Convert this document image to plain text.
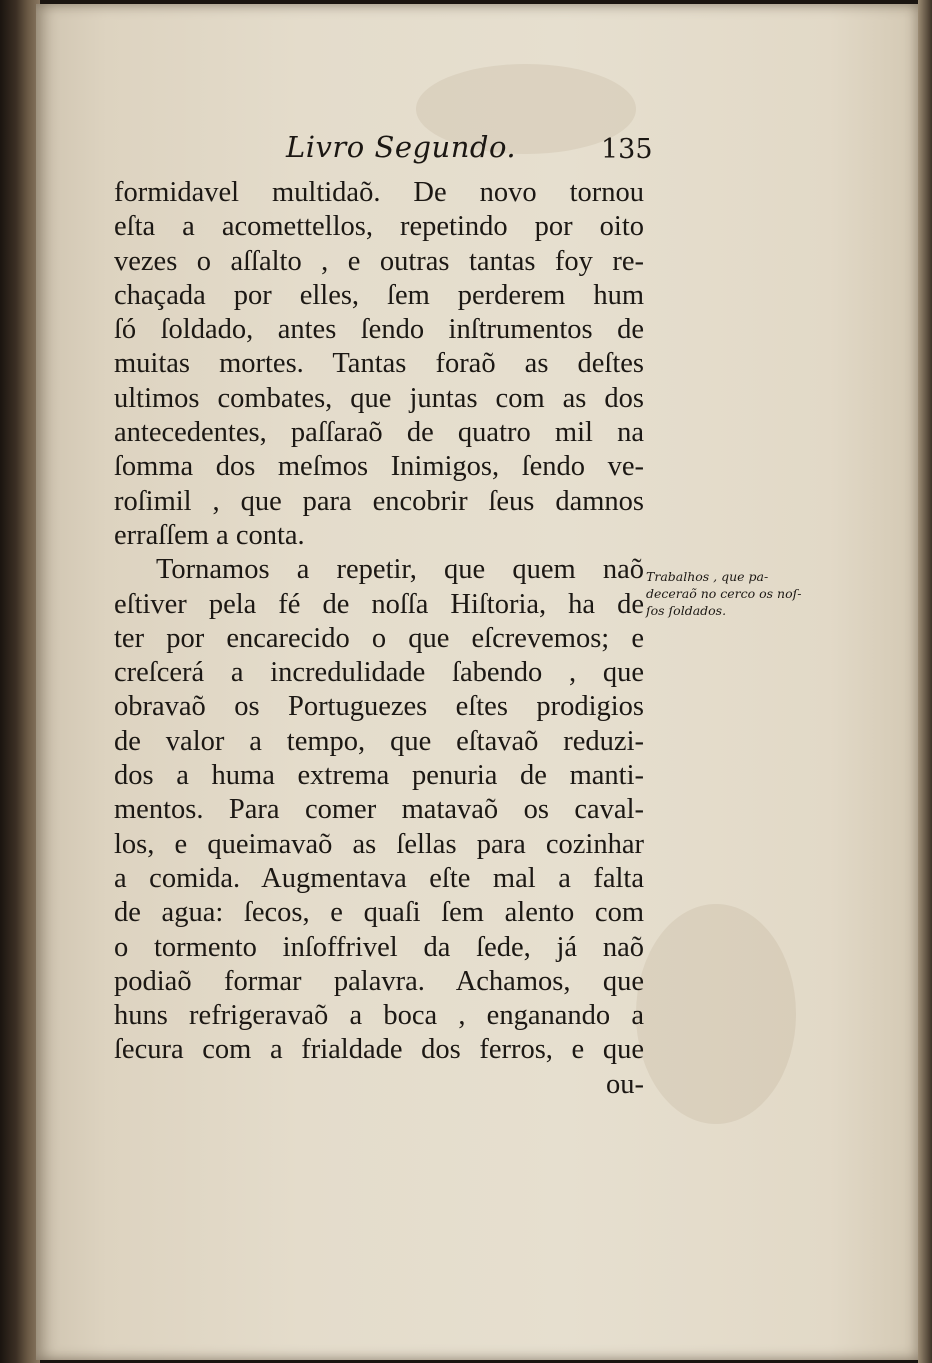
Livro Segundo.	135
formidavel multidaõ. De novo tornou
eſta a acomettellos, repetindo por oito
vezes o aſſalto , e outras tantas foy re-
chaçada por elles, ſem perderem hum
ſó ſoldado, antes ſendo inſtrumentos de
muitas mortes. Tantas foraõ as deſtes
ultimos combates, que juntas com as dos
antecedentes, paſſaraõ de quatro mil na
ſomma dos meſmos Inimigos, ſendo ve-
roſimil , que para encobrir ſeus damnos
erraſſem a conta.
Tornamos a repetir, que quem naõ
eſtiver pela fé de noſſa Hiſtoria, ha de
ter por encarecido o que eſcrevemos; e
creſcerá a incredulidade ſabendo , que
obravaõ os Portuguezes eſtes prodigios
de valor a tempo, que eſtavaõ reduzi-
dos a huma extrema penuria de manti-
mentos. Para comer matavaõ os caval-
los, e queimavaõ as ſellas para cozinhar
a comida. Augmentava eſte mal a falta
de agua: ſecos, e quaſi ſem alento com
o tormento inſoffrivel da ſede, já naõ
podiaõ formar palavra. Achamos, que
huns refrigeravaõ a boca , enganando a
ſecura com a frialdade dos ferros, e que
ou-
Trabalhos , que pa-
deceraõ no cerco os noſ-
ſos ſoldados.
